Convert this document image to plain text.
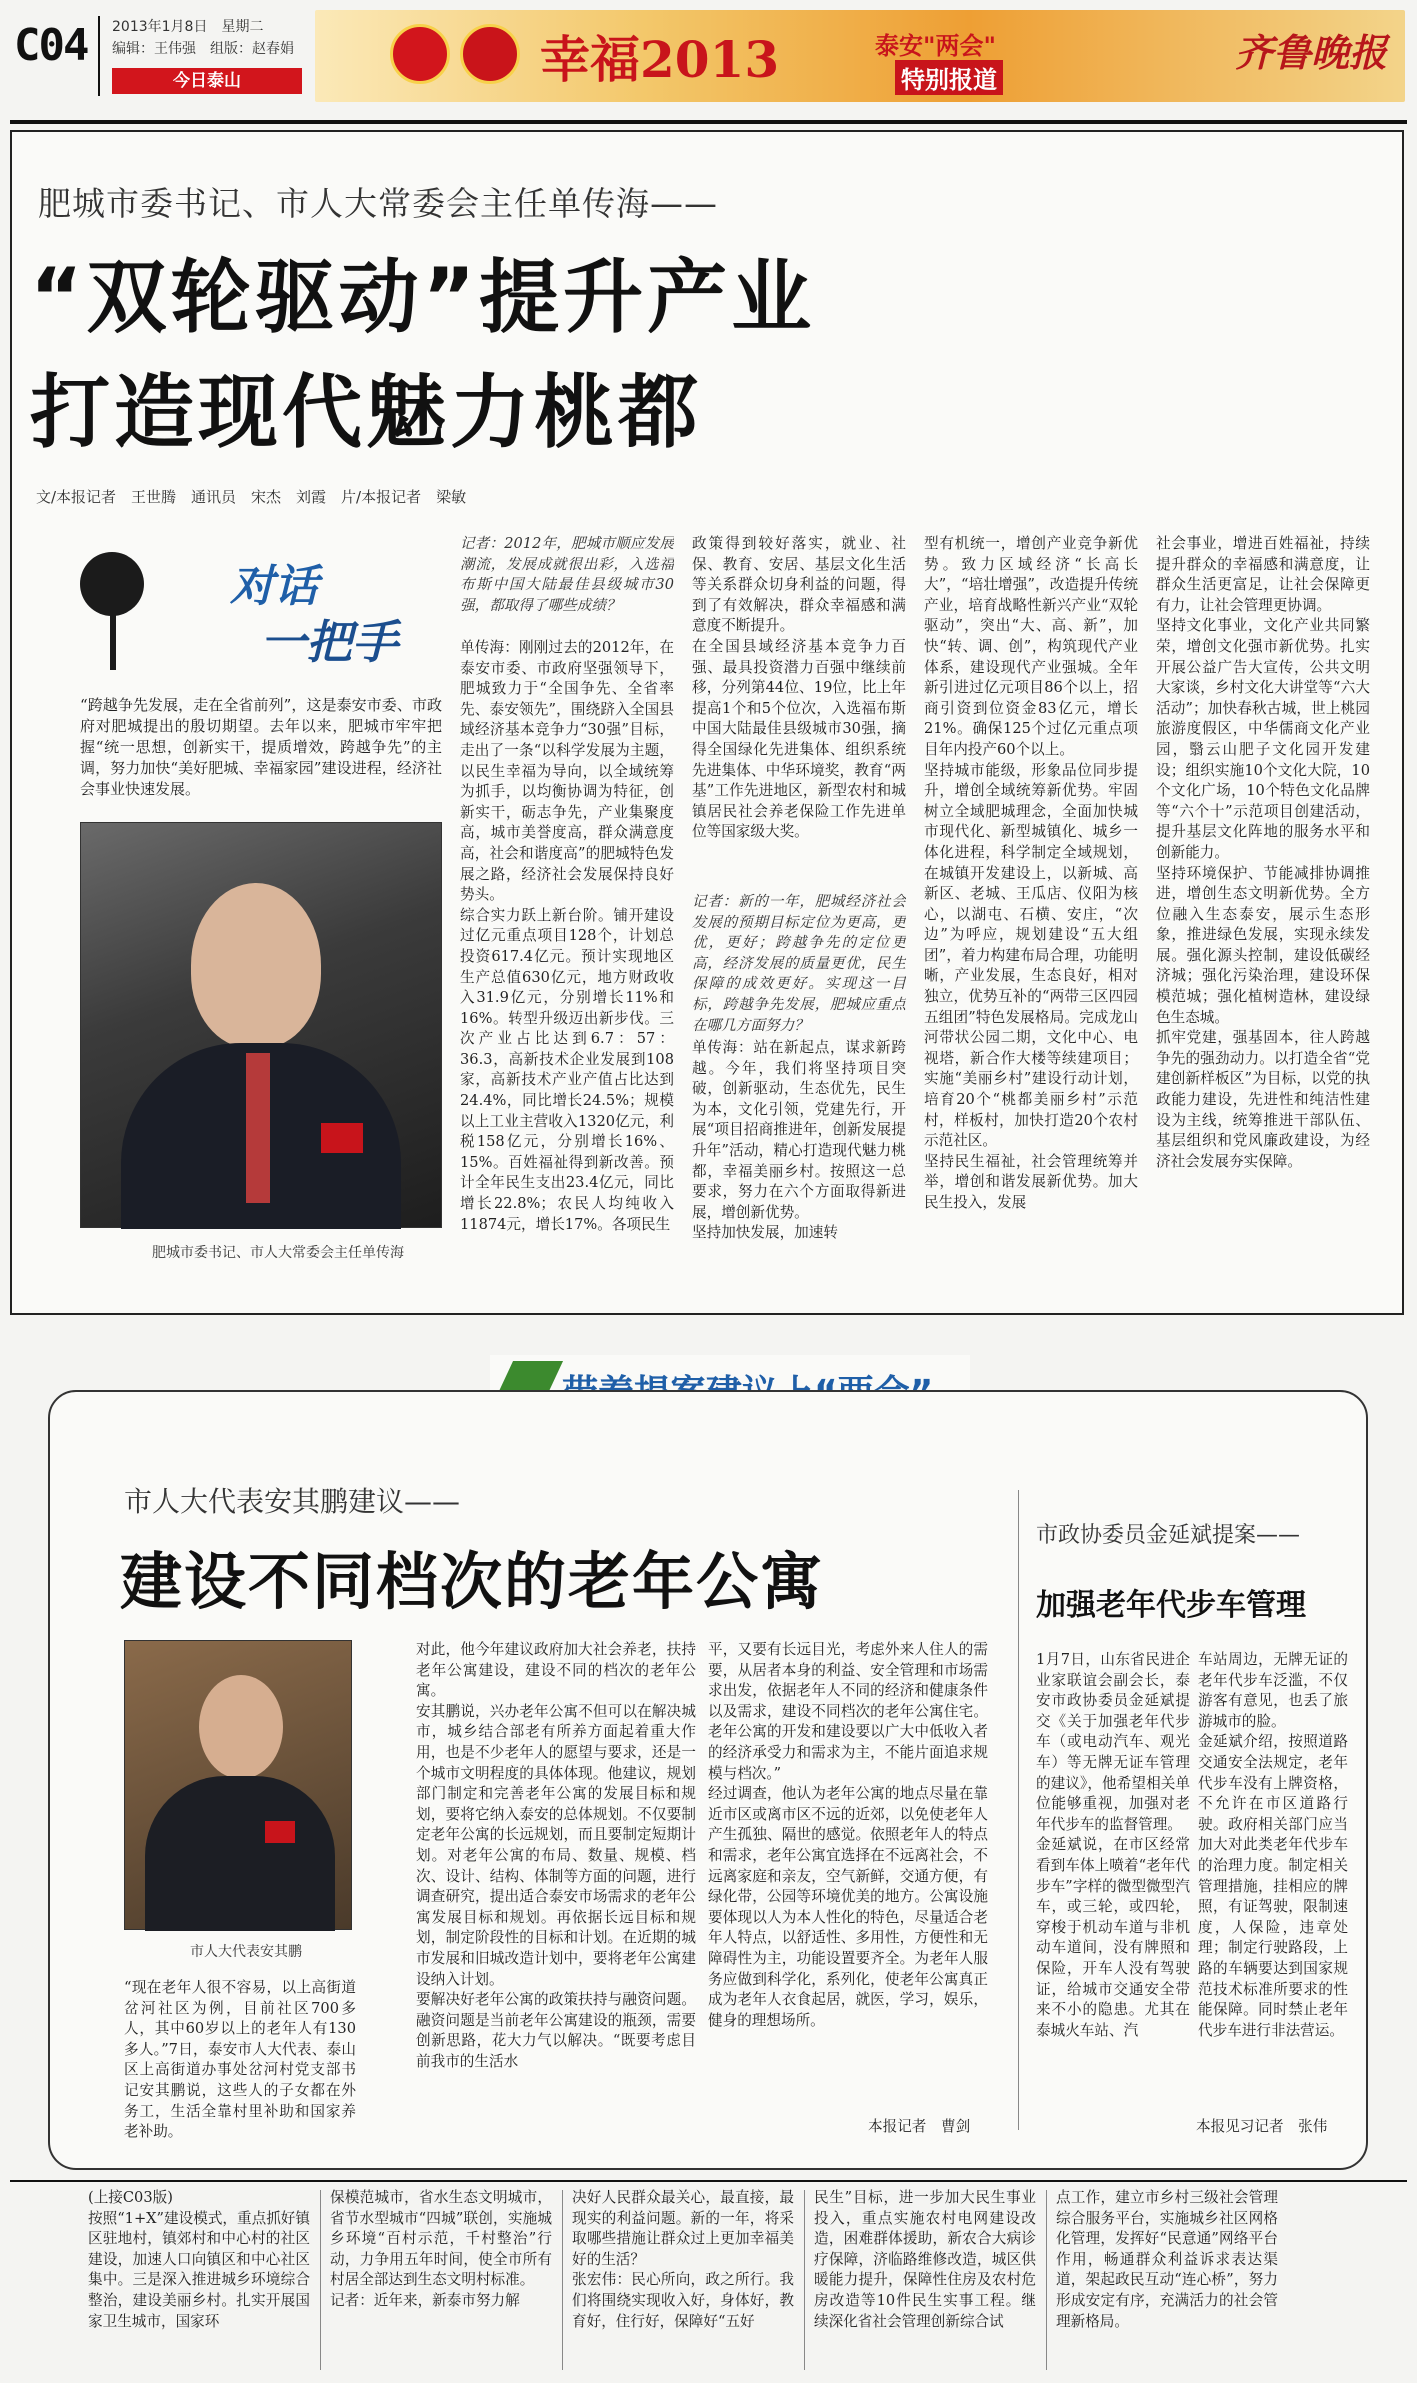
C04 2013年1月8日　星期二
编辑：王伟强　组版：赵春娟
今日泰山	幸福2013	泰安"两会"
特别报道
齐鲁晚报
肥城市委书记、市人大常委会主任单传海——
“双轮驱动”提升产业
打造现代魅力桃都
文/本报记者　王世腾　通讯员　宋杰　刘霞　片/本报记者　梁敏
对话
一把手
“跨越争先发展，走在全省前列”，这是泰安市委、市政府对肥城提出的殷切期望。去年以来，肥城市牢牢把握“统一思想，创新实干，提质增效，跨越争先”的主调，努力加快“美好肥城、幸福家园”建设进程，经济社会事业快速发展。
肥城市委书记、市人大常委会主任单传海
记者：2012年，肥城市顺应发展潮流，发展成就很出彩，入选福布斯中国大陆最佳县级城市30强，都取得了哪些成绩？
单传海：刚刚过去的2012年，在泰安市委、市政府坚强领导下，肥城致力于“全国争先、全省率先、泰安领先”，围绕跻入全国县域经济基本竞争力“30强”目标，走出了一条“以科学发展为主题，以民生幸福为导向，以全域统筹为抓手，以均衡协调为特征，创新实干，砺志争先，产业集聚度高，城市美誉度高，群众满意度高，社会和谐度高”的肥城特色发展之路，经济社会发展保持良好势头。
综合实力跃上新台阶。铺开建设过亿元重点项目128个，计划总投资617.4亿元。预计实现地区生产总值630亿元，地方财政收入31.9亿元，分别增长11%和16%。转型升级迈出新步伐。三次产业占比达到6.7：57：36.3，高新技术企业发展到108家，高新技术产业产值占比达到24.4%，同比增长24.5%；规模以上工业主营收入1320亿元，利税158亿元，分别增长16%、15%。百姓福祉得到新改善。预计全年民生支出23.4亿元，同比增长22.8%；农民人均纯收入11874元，增长17%。各项民生
政策得到较好落实，就业、社保、教育、安居、基层文化生活等关系群众切身利益的问题，得到了有效解决，群众幸福感和满意度不断提升。
在全国县域经济基本竞争力百强、最具投资潜力百强中继续前移，分列第44位、19位，比上年提高1个和5个位次，入选福布斯中国大陆最佳县级城市30强，摘得全国绿化先进集体、组织系统先进集体、中华环境奖，教育“两基”工作先进地区，新型农村和城镇居民社会养老保险工作先进单位等国家级大奖。
记者：新的一年，肥城经济社会发展的预期目标定位为更高，更优，更好；跨越争先的定位更高，经济发展的质量更优，民生保障的成效更好。实现这一目标，跨越争先发展，肥城应重点在哪几方面努力？
单传海：站在新起点，谋求新跨越。今年，我们将坚持项目突破，创新驱动，生态优先，民生为本，文化引领，党建先行，开展“项目招商推进年，创新发展提升年”活动，精心打造现代魅力桃都，幸福美丽乡村。按照这一总要求，努力在六个方面取得新进展，增创新优势。
坚持加快发展，加速转
型有机统一，增创产业竞争新优势。致力区域经济“长高长大”，“培壮增强”，改造提升传统产业，培育战略性新兴产业“双轮驱动”，突出“大、高、新”，加快“转、调、创”，构筑现代产业体系，建设现代产业强城。全年新引进过亿元项目86个以上，招商引资到位资金83亿元，增长21%。确保125个过亿元重点项目年内投产60个以上。
坚持城市能级，形象品位同步提升，增创全域统筹新优势。牢固树立全域肥城理念，全面加快城市现代化、新型城镇化、城乡一体化进程，科学制定全域规划，在城镇开发建设上，以新城、高新区、老城、王瓜店、仪阳为核心，以湖屯、石横、安庄，“次边”为呼应，规划建设“五大组团”，着力构建布局合理，功能明晰，产业发展，生态良好，相对独立，优势互补的“两带三区四园五组团”特色发展格局。完成龙山河带状公园二期，文化中心、电视塔，新合作大楼等续建项目；实施“美丽乡村”建设行动计划，培育20个“桃都美丽乡村”示范村，样板村，加快打造20个农村示范社区。
坚持民生福祉，社会管理统筹并举，增创和谐发展新优势。加大民生投入，发展
社会事业，增进百姓福祉，持续提升群众的幸福感和满意度，让群众生活更富足，让社会保障更有力，让社会管理更协调。
坚持文化事业，文化产业共同繁荣，增创文化强市新优势。扎实开展公益广告大宣传，公共文明大家谈，乡村文化大讲堂等“六大活动”；加快春秋古城，世上桃园旅游度假区，中华儒商文化产业园，翳云山肥子文化园开发建设；组织实施10个文化大院，10个文化广场，10个特色文化品牌等“六个十”示范项目创建活动，提升基层文化阵地的服务水平和创新能力。
坚持环境保护、节能减排协调推进，增创生态文明新优势。全方位融入生态泰安，展示生态形象，推进绿色发展，实现永续发展。强化源头控制，建设低碳经济城；强化污染治理，建设环保模范城；强化植树造林，建设绿色生态城。
抓牢党建，强基固本，往人跨越争先的强劲动力。以打造全省“党建创新样板区”为目标，以党的执政能力建设，先进性和纯洁性建设为主线，统筹推进干部队伍、基层组织和党风廉政建设，为经济社会发展夯实保障。
市人大代表安其鹏建议——
建设不同档次的老年公寓
市人大代表安其鹏
“现在老年人很不容易，以上高街道岔河社区为例，目前社区700多人，其中60岁以上的老年人有130多人。”7日，泰安市人大代表、泰山区上高街道办事处岔河村党支部书记安其鹏说，这些人的子女都在外务工，生活全靠村里补助和国家养老补助。
对此，他今年建议政府加大社会养老，扶持老年公寓建设，建设不同的档次的老年公寓。
安其鹏说，兴办老年公寓不但可以在解决城市，城乡结合部老有所养方面起着重大作用，也是不少老年人的愿望与要求，还是一个城市文明程度的具体体现。他建议，规划部门制定和完善老年公寓的发展目标和规划，要将它纳入泰安的总体规划。不仅要制定老年公寓的长远规划，而且要制定短期计划。对老年公寓的布局、数量、规模、档次、设计、结构、体制等方面的问题，进行调查研究，提出适合泰安市场需求的老年公寓发展目标和规划。再依据长远目标和规划，制定阶段性的目标和计划。在近期的城市发展和旧城改造计划中，要将老年公寓建设纳入计划。
要解决好老年公寓的政策扶持与融资问题。融资问题是当前老年公寓建设的瓶颈，需要创新思路，花大力气以解决。“既要考虑目前我市的生活水
平，又要有长远目光，考虑外来人住人的需要，从居者本身的利益、安全管理和市场需求出发，依据老年人不同的经济和健康条件以及需求，建设不同档次的老年公寓住宅。老年公寓的开发和建设要以广大中低收入者的经济承受力和需求为主，不能片面追求规模与档次。”
经过调查，他认为老年公寓的地点尽量在靠近市区或离市区不远的近郊，以免使老年人产生孤独、隔世的感觉。依照老年人的特点和需求，老年公寓宜选择在不远离社会，不远离家庭和亲友，空气新鲜，交通方便，有绿化带，公园等环境优美的地方。公寓设施要体现以人为本人性化的特色，尽量适合老年人特点，以舒适性、多用性，方便性和无障碍性为主，功能设置要齐全。为老年人服务应做到科学化，系列化，使老年公寓真正成为老年人衣食起居，就医，学习，娱乐，健身的理想场所。
本报记者　曹剑
市政协委员金延斌提案——
加强老年代步车管理
1月7日，山东省民进企业家联谊会副会长，泰安市政协委员金延斌提交《关于加强老年代步车（或电动汽车、观光车）等无牌无证车管理的建议》，他希望相关单位能够重视，加强对老年代步车的监督管理。
金延斌说，在市区经常看到车体上喷着“老年代步车”字样的微型微型汽车，或三轮，或四轮，穿梭于机动车道与非机动车道间，没有牌照和保险，开车人没有驾驶证，给城市交通安全带来不小的隐患。尤其在泰城火车站、汽
车站周边，无牌无证的老年代步车泛滥，不仅游客有意见，也丢了旅游城市的脸。
金延斌介绍，按照道路交通安全法规定，老年代步车没有上牌资格，不允许在市区道路行驶。政府相关部门应当加大对此类老年代步车的治理力度。制定相关管理措施，挂相应的牌照，有证驾驶，限制速度，人保险，违章处理；制定行驶路段，上路的车辆要达到国家规范技术标准所要求的性能保障。同时禁止老年代步车进行非法营运。
本报见习记者　张伟
(上接C03版)
按照“1+X”建设模式，重点抓好镇区驻地村，镇郊村和中心村的社区建设，加速人口向镇区和中心社区集中。三是深入推进城乡环境综合整治，建设美丽乡村。扎实开展国家卫生城市，国家环
保模范城市，省水生态文明城市，省节水型城市“四城”联创，实施城乡环境“百村示范，千村整治”行动，力争用五年时间，使全市所有村居全部达到生态文明村标准。
记者：近年来，新泰市努力解
决好人民群众最关心，最直接，最现实的利益问题。新的一年，将采取哪些措施让群众过上更加幸福美好的生活？
张宏伟：民心所向，政之所行。我们将围绕实现收入好，身体好，教育好，住行好，保障好“五好
民生”目标，进一步加大民生事业投入，重点实施农村电网建设改造，困难群体援助，新农合大病诊疗保障，济临路维修改造，城区供暖能力提升，保障性住房及农村危房改造等10件民生实事工程。继续深化省社会管理创新综合试
点工作，建立市乡村三级社会管理综合服务平台，实施城乡社区网格化管理，发挥好“民意通”网络平台作用，畅通群众利益诉求表达渠道，架起政民互动“连心桥”，努力形成安定有序，充满活力的社会管理新格局。
